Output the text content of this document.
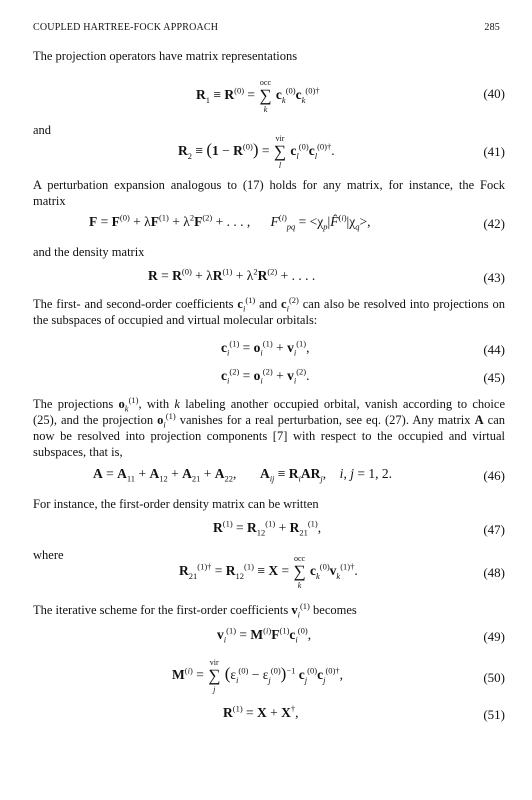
COUPLED HARTREE-FOCK APPROACH	285
The projection operators have matrix representations
$R_1 \equiv R^{(0)}$ =
occ
∑
k
$c_k^{(0)}c_k^{(0)\dagger}$	(40)
and
$R_2 \equiv (1 - R^{(0)})$ =
vir
∑
l
$c_l^{(0)}c_l^{(0)\dagger}$.	(41)
A perturbation expansion analogous to (17) holds for any matrix, for instance, the Fock matrix
$F = F^{(0)} + \lambda F^{(1)} + \lambda^2F^{(2)}$ + . . . ,      $F^{(i)}_{pq}$ = $<\chi_p|F̂^{(i)}|\chi_q>$,	(42)
and the density matrix
$R = R^{(0)} + \lambda R^{(1)} + \lambda^2R^{(2)}$ + . . . .	(43)
The first- and second-order coefficients $c_i^{(1)}$ and $c_i^{(2)}$ can also be resolved into projections on the subspaces of occupied and virtual molecular orbitals:
$c_i^{(1)} = o_i^{(1)} + v_i^{(1)}$,	(44)
$c_i^{(2)} = o_i^{(2)} + v_i^{(2)}$.	(45)
The projections $o_k^{(1)}$, with k labeling another occupied orbital, vanish according to choice (25), and the projection $o_i^{(1)}$ vanishes for a real perturbation, see eq. (27). Any matrix A can now be resolved into projection components [7] with respect to the occupied and virtual subspaces, that is,
$A = A_{11} + A_{12} + A_{21} + A_{22}$,       $A_{ij} \equiv R_iAR_j$,    i, j = 1, 2.	(46)
For instance, the first-order density matrix can be written
$R^{(1)} = R_{12}^{(1)} + R_{21}^{(1)}$,	(47)
where
$R_{21}^{(1)\dagger} = R_{12}^{(1)} \equiv X$ =
occ
∑
k
$c_k^{(0)}v_k^{(1)\dagger}$.	(48)
The iterative scheme for the first-order coefficients $v_i^{(1)}$ becomes
$v_i^{(1)} = M^{(i)}F^{(1)}c_i^{(0)}$,	(49)
$M^{(i)}$ =
vir
∑
j
$(\varepsilon_i^{(0)} - \varepsilon_j^{(0)})^{-1}$ $c_j^{(0)}c_j^{(0)\dagger}$,	(50)
$R^{(1)} = X + X^\dagger$,	(51)
